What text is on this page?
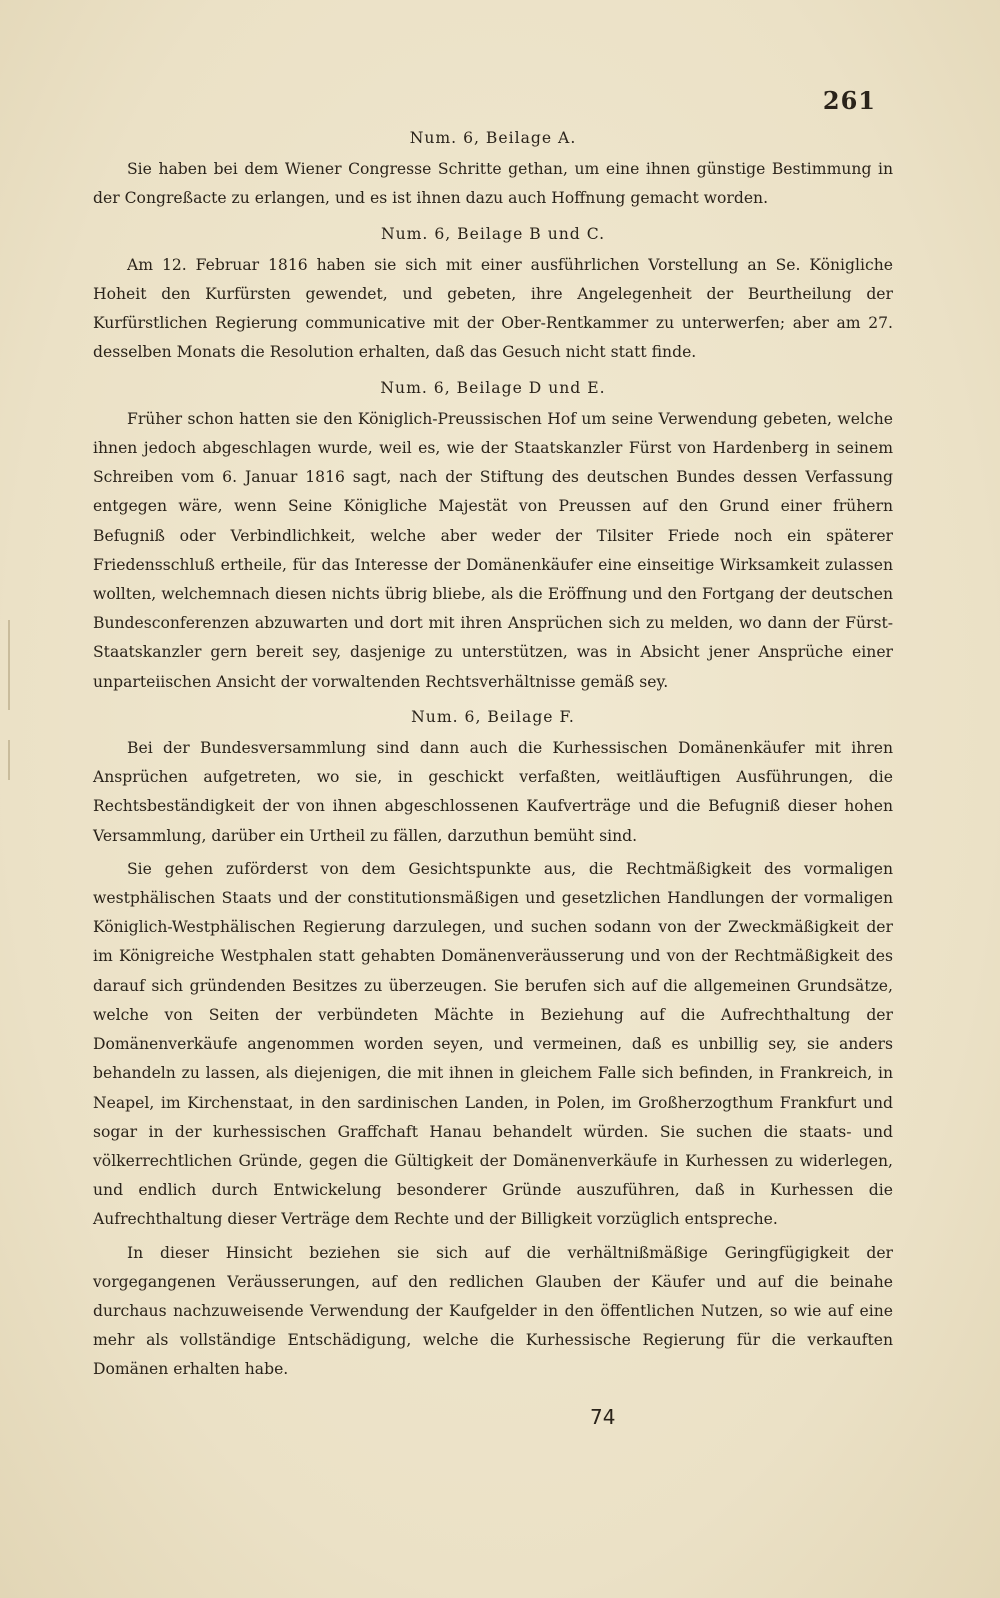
261
Num. 6, Beilage A.
Sie haben bei dem Wiener Congresse Schritte gethan, um eine ihnen günstige Bestimmung in der Congreßacte zu erlangen, und es ist ihnen dazu auch Hoffnung gemacht worden.
Num. 6, Beilage B und C.
Am 12. Februar 1816 haben sie sich mit einer ausführlichen Vorstellung an Se. Königliche Hoheit den Kurfürsten gewendet, und gebeten, ihre Angelegenheit der Beurtheilung der Kurfürstlichen Regierung communicative mit der Ober-Rentkammer zu unterwerfen; aber am 27. desselben Monats die Resolution erhalten, daß das Gesuch nicht statt finde.
Num. 6, Beilage D und E.
Früher schon hatten sie den Königlich-Preussischen Hof um seine Verwendung gebeten, welche ihnen jedoch abgeschlagen wurde, weil es, wie der Staatskanzler Fürst von Hardenberg in seinem Schreiben vom 6. Januar 1816 sagt, nach der Stiftung des deutschen Bundes dessen Verfassung entgegen wäre, wenn Seine Königliche Majestät von Preussen auf den Grund einer frühern Befugniß oder Verbindlichkeit, welche aber weder der Tilsiter Friede noch ein späterer Friedensschluß ertheile, für das Interesse der Domänenkäufer eine einseitige Wirksamkeit zulassen wollten, welchemnach diesen nichts übrig bliebe, als die Eröffnung und den Fortgang der deutschen Bundesconferenzen abzuwarten und dort mit ihren Ansprüchen sich zu melden, wo dann der Fürst-Staatskanzler gern bereit sey, dasjenige zu unterstützen, was in Absicht jener Ansprüche einer unparteiischen Ansicht der vorwaltenden Rechtsverhältnisse gemäß sey.
Num. 6, Beilage F.
Bei der Bundesversammlung sind dann auch die Kurhessischen Domänenkäufer mit ihren Ansprüchen aufgetreten, wo sie, in geschickt verfaßten, weitläuftigen Ausführungen, die Rechtsbeständigkeit der von ihnen abgeschlossenen Kaufverträge und die Befugniß dieser hohen Versammlung, darüber ein Urtheil zu fällen, darzuthun bemüht sind.
Sie gehen zuförderst von dem Gesichtspunkte aus, die Rechtmäßigkeit des vormaligen westphälischen Staats und der constitutionsmäßigen und gesetzlichen Handlungen der vormaligen Königlich-Westphälischen Regierung darzulegen, und suchen sodann von der Zweckmäßigkeit der im Königreiche Westphalen statt gehabten Domänenveräusserung und von der Rechtmäßigkeit des darauf sich gründenden Besitzes zu überzeugen. Sie berufen sich auf die allgemeinen Grundsätze, welche von Seiten der verbündeten Mächte in Beziehung auf die Aufrechthaltung der Domänenverkäufe angenommen worden seyen, und vermeinen, daß es unbillig sey, sie anders behandeln zu lassen, als diejenigen, die mit ihnen in gleichem Falle sich befinden, in Frankreich, in Neapel, im Kirchenstaat, in den sardinischen Landen, in Polen, im Großherzogthum Frankfurt und sogar in der kurhessischen Graffchaft Hanau behandelt würden. Sie suchen die staats- und völkerrechtlichen Gründe, gegen die Gültigkeit der Domänenverkäufe in Kurhessen zu widerlegen, und endlich durch Entwickelung besonderer Gründe auszuführen, daß in Kurhessen die Aufrechthaltung dieser Verträge dem Rechte und der Billigkeit vorzüglich entspreche.
In dieser Hinsicht beziehen sie sich auf die verhältnißmäßige Geringfügigkeit der vorgegangenen Veräusserungen, auf den redlichen Glauben der Käufer und auf die beinahe durchaus nachzuweisende Verwendung der Kaufgelder in den öffentlichen Nutzen, so wie auf eine mehr als vollständige Entschädigung, welche die Kurhessische Regierung für die verkauften Domänen erhalten habe.
74
